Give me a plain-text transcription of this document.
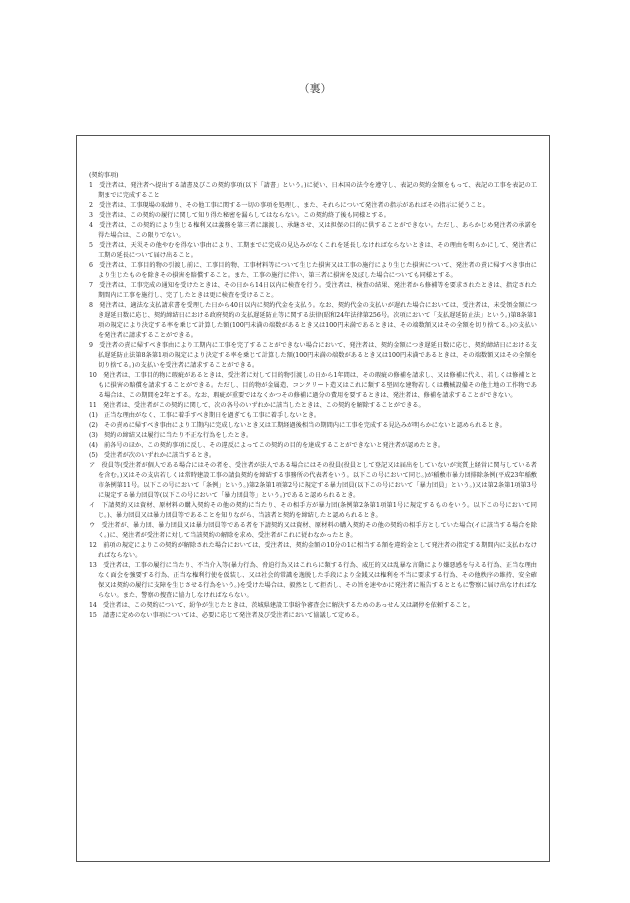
（裏）

(契約事項)

1　受注者は、発注者へ提出する請書及びこの契約事項(以下「請書」という。)に従い、日本国の法令を遵守し、表記の契約金額をもって、表記の工事を表記の工期までに完成すること

2　受注者は、工事現場の取締り、その他工事に関する一切の事項を処理し、また、それらについて発注者の指示があればその指示に従うこと。

3　受注者は、この契約の履行に関して知り得た秘密を漏らしてはならない。この契約終了後も同様とする。

4　受注者は、この契約により生じる権利又は義務を第三者に譲渡し、承継させ、又は担保の目的に供することができない。ただし、あらかじめ発注者の承諾を得た場合は、この限りでない。

5　受注者は、天災その他やむを得ない事由により、工期までに完成の見込みがなくこれを延長しなければならないときは、その理由を明らかにして、発注者に工期の延長について届け出ること。

6　受注者は、工事目的物の引渡し前に、工事目的物、工事材料等について生じた損害又は工事の施行により生じた損害について、発注者の責に帰すべき事由により生じたものを除きその損害を賠償すること。また、工事の施行に伴い、第三者に損害を及ぼした場合についても同様とする。

7　受注者は、工事完成の通知を受けたときは、その日から14日以内に検査を行う。受注者は、検査の結果、発注者から修補等を要求されたときは、指定された期間内に工事を施行し、完了したときは更に検査を受けること。

8　発注者は、適法な支払請求書を受理した日から40日以内に契約代金を支払う。なお、契約代金の支払いが遅れた場合においては、受注者は、未受領金額につき遅延日数に応じ、契約締結日における政府契約の支払遅延防止等に関する法律(昭和24年法律第256号。次項において「支払遅延防止法」という。)第8条第1項の規定により決定する率を乗じて計算した額(100円未満の端数があるとき又は100円未満であるときは、その端数額又はその全額を切り捨てる。)の支払いを発注者に請求することができる。

9　受注者の責に帰すべき事由により工期内に工事を完了することができない場合において、発注者は、契約金額につき遅延日数に応じ、契約締結日における支払遅延防止法第8条第1項の規定により決定する率を乗じて計算した額(100円未満の端数があるとき又は100円未満であるときは、その端数額又はその全額を切り捨てる。)の支払いを受注者に請求することができる。

10　発注者は、工事目的物に瑕疵があるときは、受注者に対して目的物引渡しの日から1年間は、その瑕疵の修補を請求し、又は修補に代え、若しくは修補とともに損害の賠償を請求することができる。ただし、目的物が金属造、コンクリート造又はこれに類する堅固な建物若しくは機械設備その他土地の工作物である場合は、この期間を2年とする。なお、瑕疵が重要ではなくかつその修補に過分の費用を要するときは、発注者は、修補を請求することができない。

11　発注者は、受注者がこの契約に関して、次の各号のいずれかに該当したときは、この契約を解除することができる。

(1)　正当な理由がなく、工事に着手すべき期日を過ぎても工事に着手しないとき。

(2)　その責めに帰すべき事由により工期内に完成しないとき又は工期経過後相当の期間内に工事を完成する見込みが明らかにないと認められるとき。

(3)　契約の締結又は履行に当たり不正な行為をしたとき。

(4)　前各号のほか、この契約事項に反し、その違反によってこの契約の目的を達成することができないと発注者が認めたとき。

(5)　受注者が次のいずれかに該当するとき。

ア　役員等(受注者が個人である場合にはその者を、受注者が法人である場合にはその役員(役員として登記又は届出をしていないが実質上経営に関与している者を含む。)又はその支店若しくは常時建設工事の請負契約を締結する事務所の代表者をいう。以下この号において同じ。)が稲敷市暴力団排除条例(平成23年稲敷市条例第11号。以下この号において「条例」という。)第2条第1項第2号に規定する暴力団員(以下この号において「暴力団員」という。)又は第2条第1項第3号に規定する暴力団員等(以下この号において「暴力団員等」という。)であると認められるとき。

イ　下請契約又は資材、原材料の購入契約その他の契約に当たり、その相手方が暴力団(条例第2条第1項第1号に規定するものをいう。以下この号において同じ。)、暴力団員又は暴力団員等であることを知りながら、当該者と契約を締結したと認められるとき。

ウ　受注者が、暴力団、暴力団員又は暴力団員等である者を下請契約又は資材、原材料の購入契約その他の契約の相手方としていた場合(イに該当する場合を除く。)に、発注者が受注者に対して当該契約の解除を求め、受注者がこれに従わなかったとき。

12　前項の規定によりこの契約が解除された場合においては、受注者は、契約金額の10分の1に相当する額を違約金として発注者の指定する期間内に支払わなければならない。

13　受注者は、工事の履行に当たり、不当介入等(暴力行為、脅迫行為又はこれらに類する行為、威圧的又は乱暴な言動により嫌悪感を与える行為、正当な理由なく面会を強要する行為、正当な権利行使を仮装し、又は社会的常識を逸脱した手段により金銭又は権利を不当に要求する行為、その他秩序の維持、安全確保又は契約の履行に支障を生じさせる行為をいう。)を受けた場合は、毅然として拒否し、その旨を速やかに発注者に報告するとともに警察に届け出なければならない。また、警察の捜査に協力しなければならない。

14　受注者は、この契約について、紛争が生じたときは、茨城県建設工事紛争審査会に解決するためのあっせん又は調停を依頼すること。

15　請書に定めのない事項については、必要に応じて発注者及び受注者において協議して定める。
